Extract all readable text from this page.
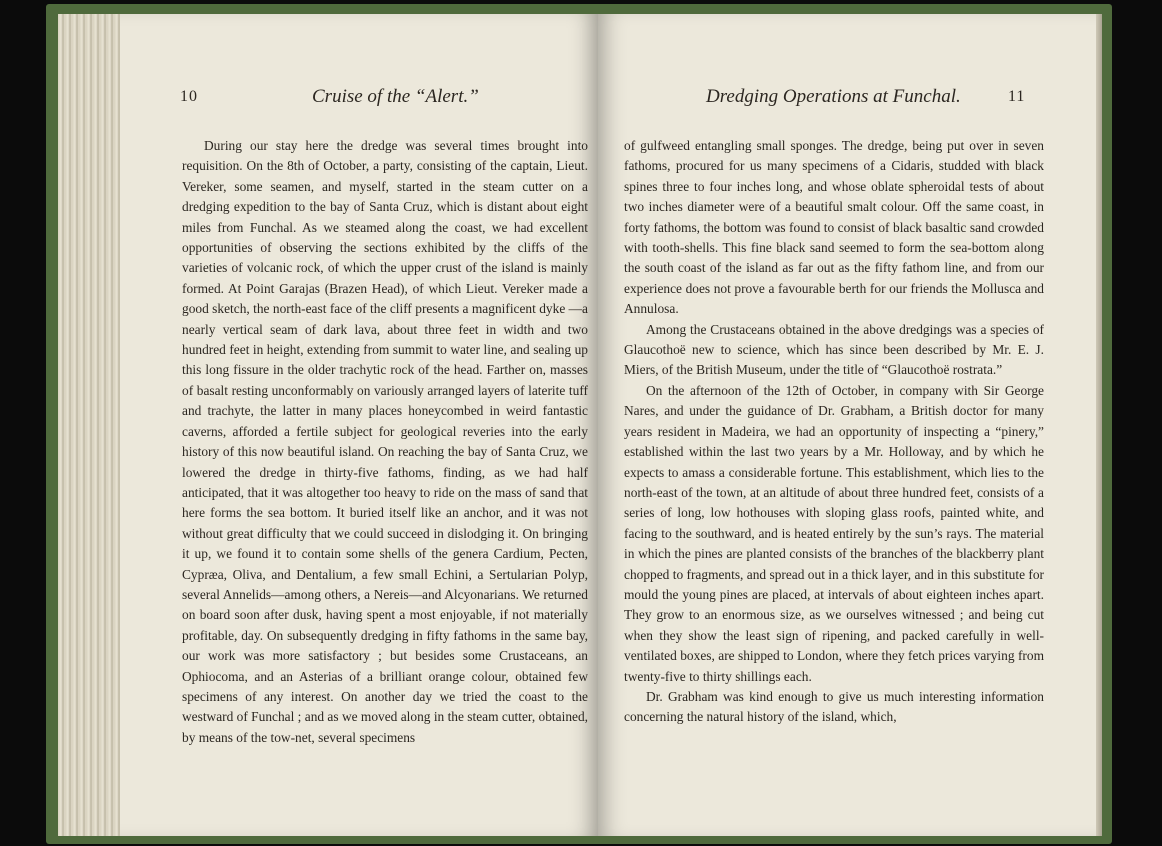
10	Cruise of the “Alert.”

During our stay here the dredge was several times brought into requisition. On the 8th of October, a party, consisting of the captain, Lieut. Vereker, some seamen, and myself, started in the steam cutter on a dredging expedition to the bay of Santa Cruz, which is distant about eight miles from Funchal. As we steamed along the coast, we had excellent opportunities of observing the sections exhibited by the cliffs of the varieties of volcanic rock, of which the upper crust of the island is mainly formed. At Point Garajas (Brazen Head), of which Lieut. Vereker made a good sketch, the north-east face of the cliff presents a magnificent dyke —a nearly vertical seam of dark lava, about three feet in width and two hundred feet in height, extending from summit to water line, and sealing up this long fissure in the older trachytic rock of the head. Farther on, masses of basalt resting unconformably on variously arranged layers of laterite tuff and trachyte, the latter in many places honeycombed in weird fantastic caverns, afforded a fertile subject for geological reveries into the early history of this now beautiful island. On reaching the bay of Santa Cruz, we lowered the dredge in thirty-five fathoms, finding, as we had half anticipated, that it was altogether too heavy to ride on the mass of sand that here forms the sea bottom. It buried itself like an anchor, and it was not without great difficulty that we could succeed in dislodging it. On bringing it up, we found it to contain some shells of the genera Cardium, Pecten, Cypræa, Oliva, and Dentalium, a few small Echini, a Sertularian Polyp, several Annelids—among others, a Nereis—and Alcyonarians. We returned on board soon after dusk, having spent a most enjoyable, if not materially profitable, day. On subsequently dredging in fifty fathoms in the same bay, our work was more satisfactory ; but besides some Crustaceans, an Ophiocoma, and an Asterias of a brilliant orange colour, obtained few specimens of any interest. On another day we tried the coast to the westward of Funchal ; and as we moved along in the steam cutter, obtained, by means of the tow-net, several specimens

Dredging Operations at Funchal.	11

of gulfweed entangling small sponges. The dredge, being put over in seven fathoms, procured for us many specimens of a Cidaris, studded with black spines three to four inches long, and whose oblate spheroidal tests of about two inches diameter were of a beautiful smalt colour. Off the same coast, in forty fathoms, the bottom was found to consist of black basaltic sand crowded with tooth-shells. This fine black sand seemed to form the sea-bottom along the south coast of the island as far out as the fifty fathom line, and from our experience does not prove a favourable berth for our friends the Mollusca and Annulosa.

Among the Crustaceans obtained in the above dredgings was a species of Glaucothoë new to science, which has since been described by Mr. E. J. Miers, of the British Museum, under the title of “Glaucothoë rostrata.”

On the afternoon of the 12th of October, in company with Sir George Nares, and under the guidance of Dr. Grabham, a British doctor for many years resident in Madeira, we had an opportunity of inspecting a “pinery,” established within the last two years by a Mr. Holloway, and by which he expects to amass a considerable fortune. This establishment, which lies to the north-east of the town, at an altitude of about three hundred feet, consists of a series of long, low hothouses with sloping glass roofs, painted white, and facing to the southward, and is heated entirely by the sun’s rays. The material in which the pines are planted consists of the branches of the blackberry plant chopped to fragments, and spread out in a thick layer, and in this substitute for mould the young pines are placed, at intervals of about eighteen inches apart. They grow to an enormous size, as we ourselves witnessed ; and being cut when they show the least sign of ripening, and packed carefully in well-ventilated boxes, are shipped to London, where they fetch prices varying from twenty-five to thirty shillings each.

Dr. Grabham was kind enough to give us much interesting information concerning the natural history of the island, which,
